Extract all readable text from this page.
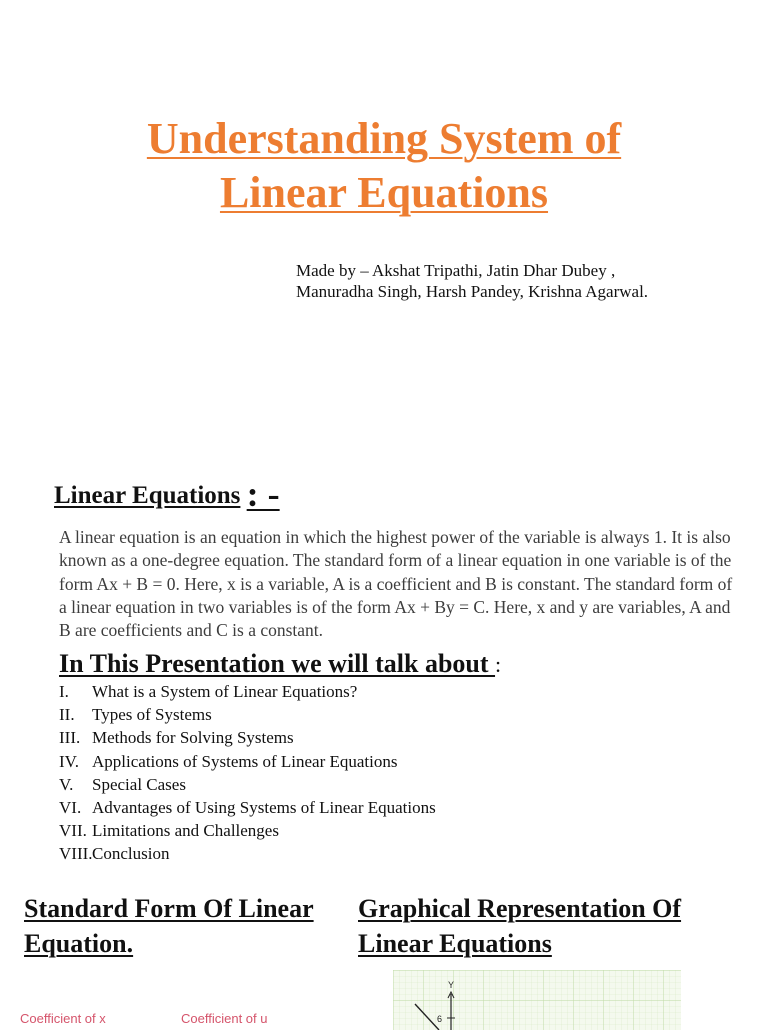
Understanding System of
Linear Equations
Made by – Akshat Tripathi, Jatin Dhar Dubey , Manuradha Singh, Harsh Pandey, Krishna Agarwal.
Linear Equations : -
A linear equation is an equation in which the highest power of the variable is always 1. It is also known as a one-degree equation. The standard form of a linear equation in one variable is of the form Ax + B = 0. Here, x is a variable, A is a coefficient and B is constant. The standard form of a linear equation in two variables is of the form Ax + By = C. Here, x and y are variables, A and B are coefficients and C is a constant.
In This Presentation we will talk about :
I. What is a System of Linear Equations?
II. Types of Systems
III. Methods for Solving Systems
IV. Applications of Systems of Linear Equations
V. Special Cases
VI. Advantages of Using Systems of Linear Equations
VII. Limitations and Challenges
VIII. Conclusion
Standard Form Of Linear Equation.
Graphical Representation Of Linear Equations
Coefficient of x	Coefficient of u
Y
6
